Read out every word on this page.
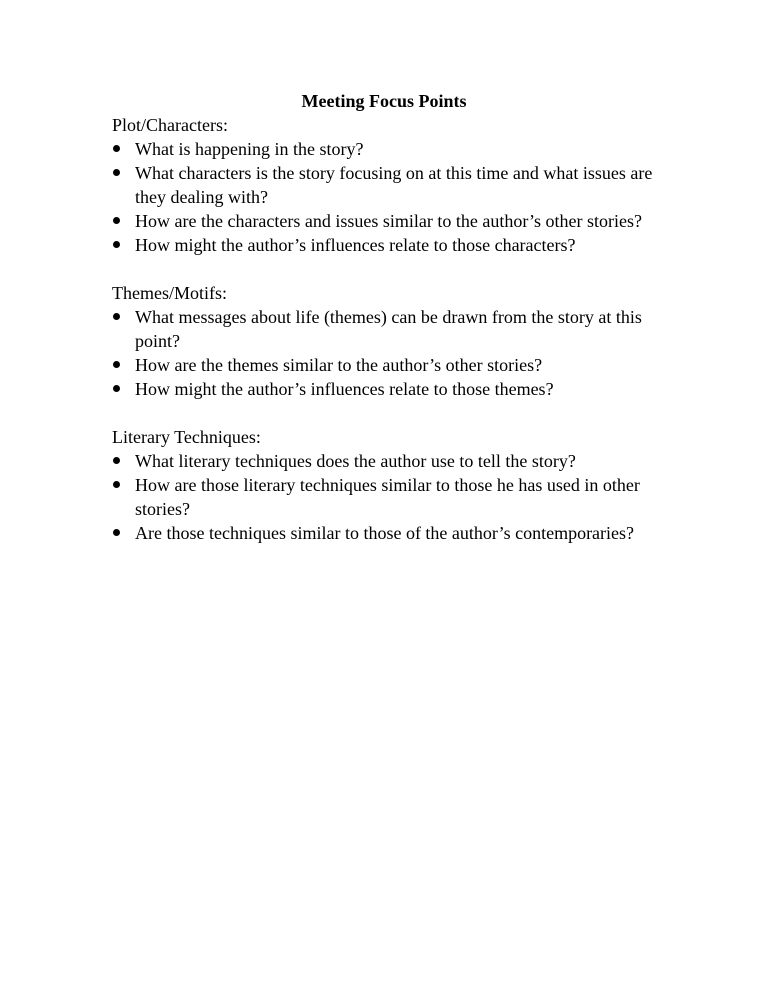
Meeting Focus Points

Plot/Characters:

What is happening in the story?
What characters is the story focusing on at this time and what issues are they dealing with?
How are the characters and issues similar to the author’s other stories?
How might the author’s influences relate to those characters?

Themes/Motifs:

What messages about life (themes) can be drawn from the story at this point?
How are the themes similar to the author’s other stories?
How might the author’s influences relate to those themes?

Literary Techniques:

What literary techniques does the author use to tell the story?
How are those literary techniques similar to those he has used in other stories?
Are those techniques similar to those of the author’s contemporaries?
